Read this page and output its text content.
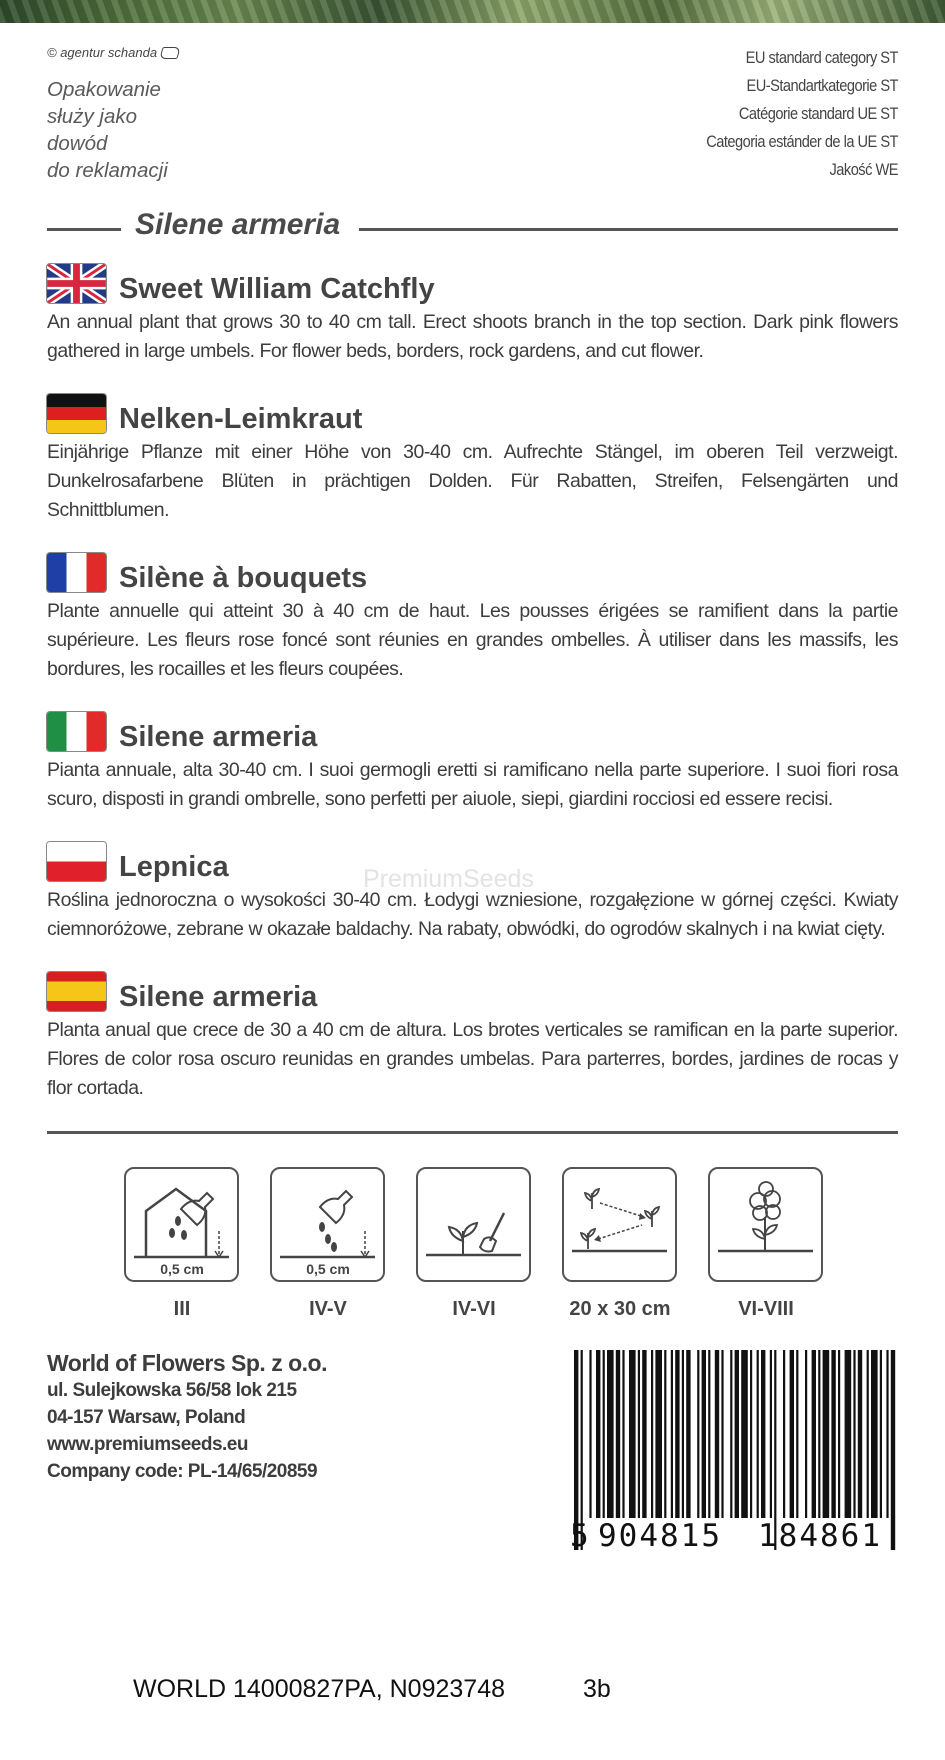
© agentur schanda
Opakowanie
służy jako
dowód
do reklamacji
EU standard category ST
EU-Standartkategorie ST
Catégorie standard UE ST
Categoria estánder de la UE ST
Jakość WE
Silene armeria
Sweet William Catchfly

An annual plant that grows 30 to 40 cm tall. Erect shoots branch in the top section. Dark pink flowers gathered in large umbels. For flower beds, borders, rock gardens, and cut flower.

Nelken-Leimkraut

Einjährige Pflanze mit einer Höhe von 30-40 cm. Aufrechte Stängel, im oberen Teil verzweigt. Dunkelrosafarbene Blüten in prächtigen Dolden. Für Rabatten, Streifen, Felsengärten und Schnittblumen.

Silène à bouquets

Plante annuelle qui atteint 30 à 40 cm de haut. Les pousses érigées se ramifient dans la partie supérieure. Les fleurs rose foncé sont réunies en grandes ombelles. À utiliser dans les massifs, les bordures, les rocailles et les fleurs coupées.

Silene armeria

Pianta annuale, alta 30-40 cm. I suoi germogli eretti si ramificano nella parte superiore. I suoi fiori rosa scuro, disposti in grandi ombrelle, sono perfetti per aiuole, siepi, giardini rocciosi ed essere recisi.

Lepnica

Roślina jednoroczna o wysokości 30-40 cm. Łodygi wzniesione, rozgałęzione w górnej części. Kwiaty ciemnoróżowe, zebrane w okazałe baldachy. Na rabaty, obwódki, do ogrodów skalnych i na kwiat cięty.

Silene armeria

Planta anual que crece de 30 a 40 cm de altura. Los brotes verticales se ramifican en la parte superior. Flores de color rosa oscuro reunidas en grandes umbelas. Para parterres, bordes, jardines de rocas y flor cortada.

PremiumSeeds
0,5 cm	0,5 cm
III	IV-V	IV-VI	20 x 30 cm	VI-VIII
World of Flowers Sp. z o.o.
ul. Sulejkowska 56/58 lok 215
04-157 Warsaw, Poland
www.premiumseeds.eu
Company code: PL-14/65/20859
5 904815 184861
WORLD 14000827PA, N0923748	3b
